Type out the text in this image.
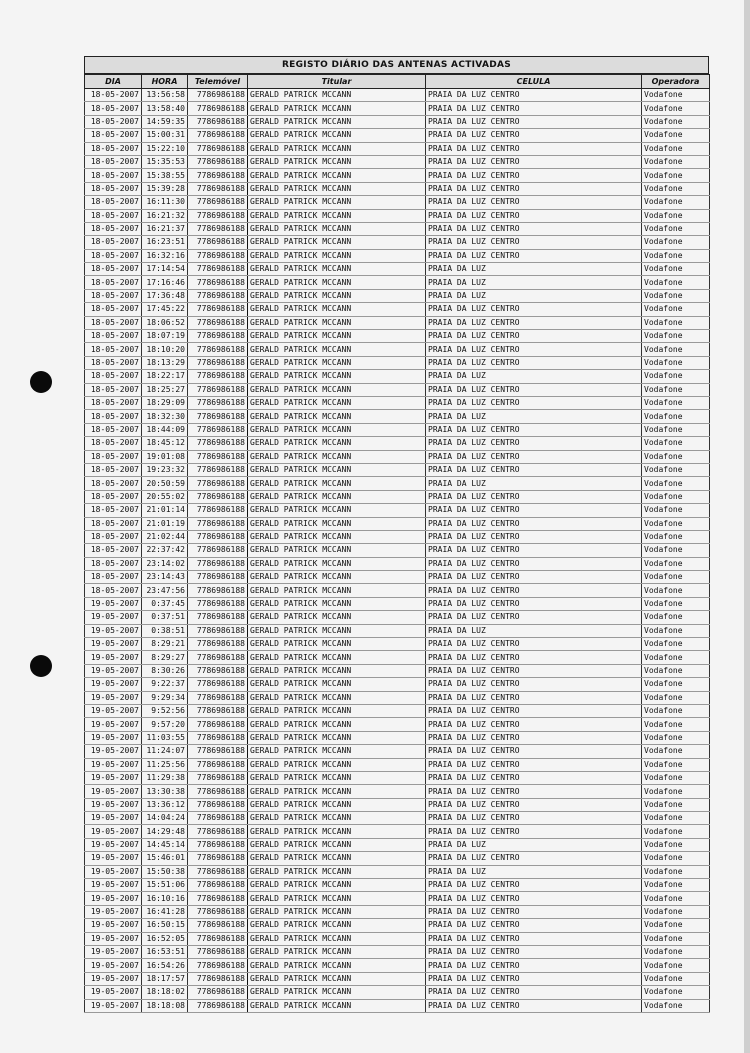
REGISTO DIÁRIO DAS ANTENAS ACTIVADAS
DIA	HORA	Telemóvel	Titular	CELULA	Operadora
18-05-2007	13:56:58	7786986188	GERALD PATRICK MCCANN	PRAIA DA LUZ CENTRO	Vodafone
18-05-2007	13:58:40	7786986188	GERALD PATRICK MCCANN	PRAIA DA LUZ CENTRO	Vodafone
18-05-2007	14:59:35	7786986188	GERALD PATRICK MCCANN	PRAIA DA LUZ CENTRO	Vodafone
18-05-2007	15:00:31	7786986188	GERALD PATRICK MCCANN	PRAIA DA LUZ CENTRO	Vodafone
18-05-2007	15:22:10	7786986188	GERALD PATRICK MCCANN	PRAIA DA LUZ CENTRO	Vodafone
18-05-2007	15:35:53	7786986188	GERALD PATRICK MCCANN	PRAIA DA LUZ CENTRO	Vodafone
18-05-2007	15:38:55	7786986188	GERALD PATRICK MCCANN	PRAIA DA LUZ CENTRO	Vodafone
18-05-2007	15:39:28	7786986188	GERALD PATRICK MCCANN	PRAIA DA LUZ CENTRO	Vodafone
18-05-2007	16:11:30	7786986188	GERALD PATRICK MCCANN	PRAIA DA LUZ CENTRO	Vodafone
18-05-2007	16:21:32	7786986188	GERALD PATRICK MCCANN	PRAIA DA LUZ CENTRO	Vodafone
18-05-2007	16:21:37	7786986188	GERALD PATRICK MCCANN	PRAIA DA LUZ CENTRO	Vodafone
18-05-2007	16:23:51	7786986188	GERALD PATRICK MCCANN	PRAIA DA LUZ CENTRO	Vodafone
18-05-2007	16:32:16	7786986188	GERALD PATRICK MCCANN	PRAIA DA LUZ CENTRO	Vodafone
18-05-2007	17:14:54	7786986188	GERALD PATRICK MCCANN	PRAIA DA LUZ	Vodafone
18-05-2007	17:16:46	7786986188	GERALD PATRICK MCCANN	PRAIA DA LUZ	Vodafone
18-05-2007	17:36:48	7786986188	GERALD PATRICK MCCANN	PRAIA DA LUZ	Vodafone
18-05-2007	17:45:22	7786986188	GERALD PATRICK MCCANN	PRAIA DA LUZ CENTRO	Vodafone
18-05-2007	18:06:52	7786986188	GERALD PATRICK MCCANN	PRAIA DA LUZ CENTRO	Vodafone
18-05-2007	18:07:19	7786986188	GERALD PATRICK MCCANN	PRAIA DA LUZ CENTRO	Vodafone
18-05-2007	18:10:20	7786986188	GERALD PATRICK MCCANN	PRAIA DA LUZ CENTRO	Vodafone
18-05-2007	18:13:29	7786986188	GERALD PATRICK MCCANN	PRAIA DA LUZ CENTRO	Vodafone
18-05-2007	18:22:17	7786986188	GERALD PATRICK MCCANN	PRAIA DA LUZ	Vodafone
18-05-2007	18:25:27	7786986188	GERALD PATRICK MCCANN	PRAIA DA LUZ CENTRO	Vodafone
18-05-2007	18:29:09	7786986188	GERALD PATRICK MCCANN	PRAIA DA LUZ CENTRO	Vodafone
18-05-2007	18:32:30	7786986188	GERALD PATRICK MCCANN	PRAIA DA LUZ	Vodafone
18-05-2007	18:44:09	7786986188	GERALD PATRICK MCCANN	PRAIA DA LUZ CENTRO	Vodafone
18-05-2007	18:45:12	7786986188	GERALD PATRICK MCCANN	PRAIA DA LUZ CENTRO	Vodafone
18-05-2007	19:01:08	7786986188	GERALD PATRICK MCCANN	PRAIA DA LUZ CENTRO	Vodafone
18-05-2007	19:23:32	7786986188	GERALD PATRICK MCCANN	PRAIA DA LUZ CENTRO	Vodafone
18-05-2007	20:50:59	7786986188	GERALD PATRICK MCCANN	PRAIA DA LUZ	Vodafone
18-05-2007	20:55:02	7786986188	GERALD PATRICK MCCANN	PRAIA DA LUZ CENTRO	Vodafone
18-05-2007	21:01:14	7786986188	GERALD PATRICK MCCANN	PRAIA DA LUZ CENTRO	Vodafone
18-05-2007	21:01:19	7786986188	GERALD PATRICK MCCANN	PRAIA DA LUZ CENTRO	Vodafone
18-05-2007	21:02:44	7786986188	GERALD PATRICK MCCANN	PRAIA DA LUZ CENTRO	Vodafone
18-05-2007	22:37:42	7786986188	GERALD PATRICK MCCANN	PRAIA DA LUZ CENTRO	Vodafone
18-05-2007	23:14:02	7786986188	GERALD PATRICK MCCANN	PRAIA DA LUZ CENTRO	Vodafone
18-05-2007	23:14:43	7786986188	GERALD PATRICK MCCANN	PRAIA DA LUZ CENTRO	Vodafone
18-05-2007	23:47:56	7786986188	GERALD PATRICK MCCANN	PRAIA DA LUZ CENTRO	Vodafone
19-05-2007	0:37:45	7786986188	GERALD PATRICK MCCANN	PRAIA DA LUZ CENTRO	Vodafone
19-05-2007	0:37:51	7786986188	GERALD PATRICK MCCANN	PRAIA DA LUZ CENTRO	Vodafone
19-05-2007	0:38:51	7786986188	GERALD PATRICK MCCANN	PRAIA DA LUZ	Vodafone
19-05-2007	8:29:21	7786986188	GERALD PATRICK MCCANN	PRAIA DA LUZ CENTRO	Vodafone
19-05-2007	8:29:27	7786986188	GERALD PATRICK MCCANN	PRAIA DA LUZ CENTRO	Vodafone
19-05-2007	8:30:26	7786986188	GERALD PATRICK MCCANN	PRAIA DA LUZ CENTRO	Vodafone
19-05-2007	9:22:37	7786986188	GERALD PATRICK MCCANN	PRAIA DA LUZ CENTRO	Vodafone
19-05-2007	9:29:34	7786986188	GERALD PATRICK MCCANN	PRAIA DA LUZ CENTRO	Vodafone
19-05-2007	9:52:56	7786986188	GERALD PATRICK MCCANN	PRAIA DA LUZ CENTRO	Vodafone
19-05-2007	9:57:20	7786986188	GERALD PATRICK MCCANN	PRAIA DA LUZ CENTRO	Vodafone
19-05-2007	11:03:55	7786986188	GERALD PATRICK MCCANN	PRAIA DA LUZ CENTRO	Vodafone
19-05-2007	11:24:07	7786986188	GERALD PATRICK MCCANN	PRAIA DA LUZ CENTRO	Vodafone
19-05-2007	11:25:56	7786986188	GERALD PATRICK MCCANN	PRAIA DA LUZ CENTRO	Vodafone
19-05-2007	11:29:38	7786986188	GERALD PATRICK MCCANN	PRAIA DA LUZ CENTRO	Vodafone
19-05-2007	13:30:38	7786986188	GERALD PATRICK MCCANN	PRAIA DA LUZ CENTRO	Vodafone
19-05-2007	13:36:12	7786986188	GERALD PATRICK MCCANN	PRAIA DA LUZ CENTRO	Vodafone
19-05-2007	14:04:24	7786986188	GERALD PATRICK MCCANN	PRAIA DA LUZ CENTRO	Vodafone
19-05-2007	14:29:48	7786986188	GERALD PATRICK MCCANN	PRAIA DA LUZ CENTRO	Vodafone
19-05-2007	14:45:14	7786986188	GERALD PATRICK MCCANN	PRAIA DA LUZ	Vodafone
19-05-2007	15:46:01	7786986188	GERALD PATRICK MCCANN	PRAIA DA LUZ CENTRO	Vodafone
19-05-2007	15:50:38	7786986188	GERALD PATRICK MCCANN	PRAIA DA LUZ	Vodafone
19-05-2007	15:51:06	7786986188	GERALD PATRICK MCCANN	PRAIA DA LUZ CENTRO	Vodafone
19-05-2007	16:10:16	7786986188	GERALD PATRICK MCCANN	PRAIA DA LUZ CENTRO	Vodafone
19-05-2007	16:41:28	7786986188	GERALD PATRICK MCCANN	PRAIA DA LUZ CENTRO	Vodafone
19-05-2007	16:50:15	7786986188	GERALD PATRICK MCCANN	PRAIA DA LUZ CENTRO	Vodafone
19-05-2007	16:52:05	7786986188	GERALD PATRICK MCCANN	PRAIA DA LUZ CENTRO	Vodafone
19-05-2007	16:53:51	7786986188	GERALD PATRICK MCCANN	PRAIA DA LUZ CENTRO	Vodafone
19-05-2007	16:54:26	7786986188	GERALD PATRICK MCCANN	PRAIA DA LUZ CENTRO	Vodafone
19-05-2007	18:17:57	7786986188	GERALD PATRICK MCCANN	PRAIA DA LUZ CENTRO	Vodafone
19-05-2007	18:18:02	7786986188	GERALD PATRICK MCCANN	PRAIA DA LUZ CENTRO	Vodafone
19-05-2007	18:18:08	7786986188	GERALD PATRICK MCCANN	PRAIA DA LUZ CENTRO	Vodafone
